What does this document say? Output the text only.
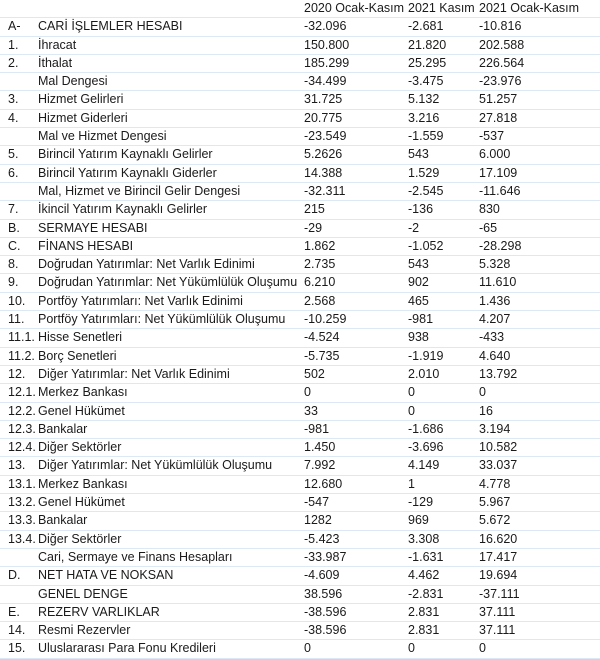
		2020 Ocak-Kasım	2021 Kasım	2021 Ocak-Kasım
A-	CARİ İŞLEMLER HESABI	-32.096	-2.681	-10.816
1.	İhracat	150.800	21.820	202.588
2.	İthalat	185.299	25.295	226.564
	Mal Dengesi	-34.499	-3.475	-23.976
3.	Hizmet Gelirleri	31.725	5.132	51.257
4.	Hizmet Giderleri	20.775	3.216	27.818
	Mal ve Hizmet Dengesi	-23.549	-1.559	-537
5.	Birincil Yatırım Kaynaklı Gelirler	5.2626	543	6.000
6.	Birincil Yatırım Kaynaklı Giderler	14.388	1.529	17.109
	Mal, Hizmet ve Birincil Gelir Dengesi	-32.311	-2.545	-11.646
7.	İkincil Yatırım Kaynaklı Gelirler	215	-136	830
B.	SERMAYE HESABI	-29	-2	-65
C.	FİNANS HESABI	1.862	-1.052	-28.298
8.	Doğrudan Yatırımlar: Net Varlık Edinimi	2.735	543	5.328
9.	Doğrudan Yatırımlar: Net Yükümlülük Oluşumu	6.210	902	11.610
10.	Portföy Yatırımları: Net Varlık Edinimi	2.568	465	1.436
11.	Portföy Yatırımları: Net Yükümlülük Oluşumu	-10.259	-981	4.207
11.1.	Hisse Senetleri	-4.524	938	-433
11.2.	Borç Senetleri	-5.735	-1.919	4.640
12.	Diğer Yatırımlar: Net Varlık Edinimi	502	2.010	13.792
12.1.	Merkez Bankası	0	0	0
12.2.	Genel Hükümet	33	0	16
12.3.	Bankalar	-981	-1.686	3.194
12.4.	Diğer Sektörler	1.450	-3.696	10.582
13.	Diğer Yatırımlar: Net Yükümlülük Oluşumu	7.992	4.149	33.037
13.1.	Merkez Bankası	12.680	1	4.778
13.2.	Genel Hükümet	-547	-129	5.967
13.3.	Bankalar	1282	969	5.672
13.4.	Diğer Sektörler	-5.423	3.308	16.620
	Cari, Sermaye ve Finans Hesapları	-33.987	-1.631	17.417
D.	NET HATA VE NOKSAN	-4.609	4.462	19.694
	GENEL DENGE	38.596	-2.831	-37.111
E.	REZERV VARLIKLAR	-38.596	2.831	37.111
14.	Resmi Rezervler	-38.596	2.831	37.111
15.	Uluslararası Para Fonu Kredileri	0	0	0
